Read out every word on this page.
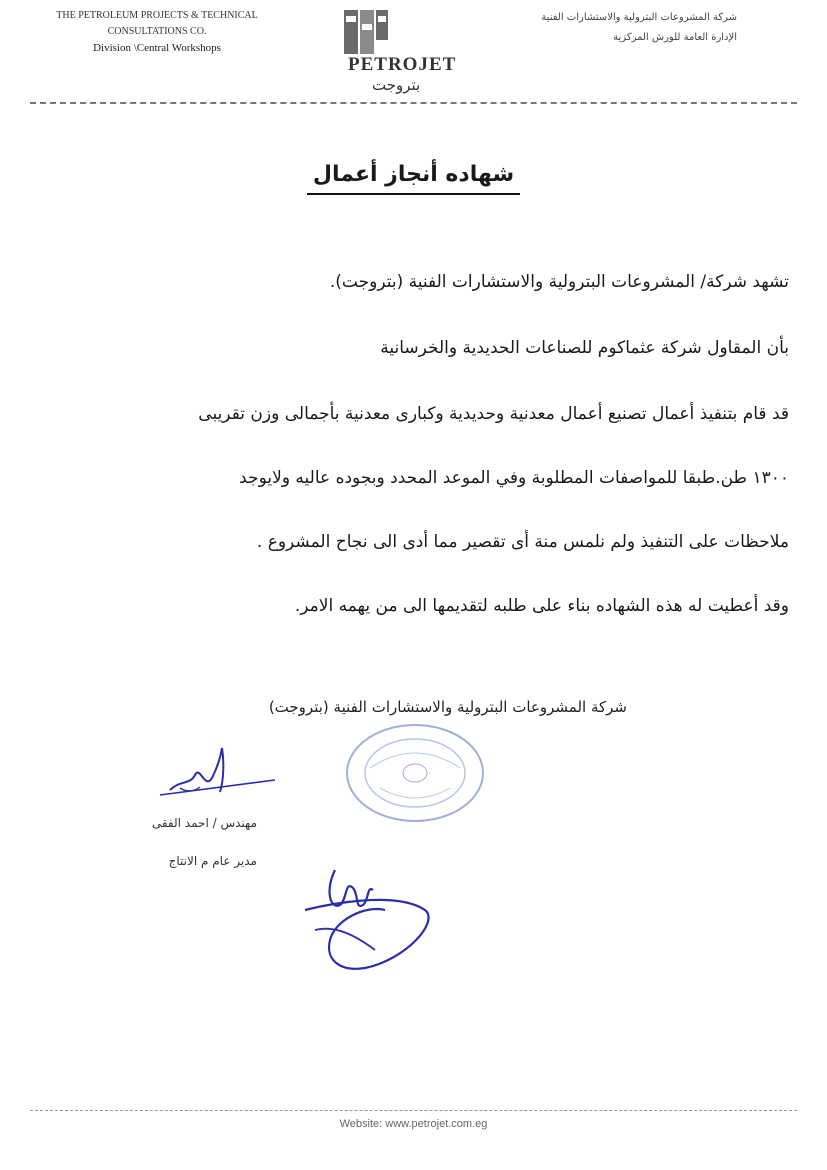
THE PETROLEUM PROJECTS & TECHNICAL
CONSULTATIONS CO.
Division \Central Workshops
PETROJET
بتروجت
شركة المشروعات البترولية والاستشارات الفنية
الإدارة العامة للورش المركزية
شهاده أنجاز أعمال
تشهد شركة/ المشروعات البترولية والاستشارات الفنية (بتروجت).
بأن المقاول شركة عثماكوم للصناعات الحديدية والخرسانية
قد قام بتنفيذ أعمال تصنيع أعمال معدنية وحديدية وكبارى معدنية بأجمالى وزن تقريبى
١٣٠٠ طن.طبقا للمواصفات المطلوبة وفي الموعد المحدد وبجوده عاليه ولايوجد
ملاحظات على التنفيذ ولم نلمس منة أى تقصير مما أدى الى نجاح المشروع .
وقد أعطيت له هذه الشهاده بناء على طلبه لتقديمها الى من يهمه الامر.
شركة المشروعات البترولية والاستشارات الفنية (بتروجت)
مهندس / احمد الفقى
مدير عام م الانتاج
Website: www.petrojet.com.eg
